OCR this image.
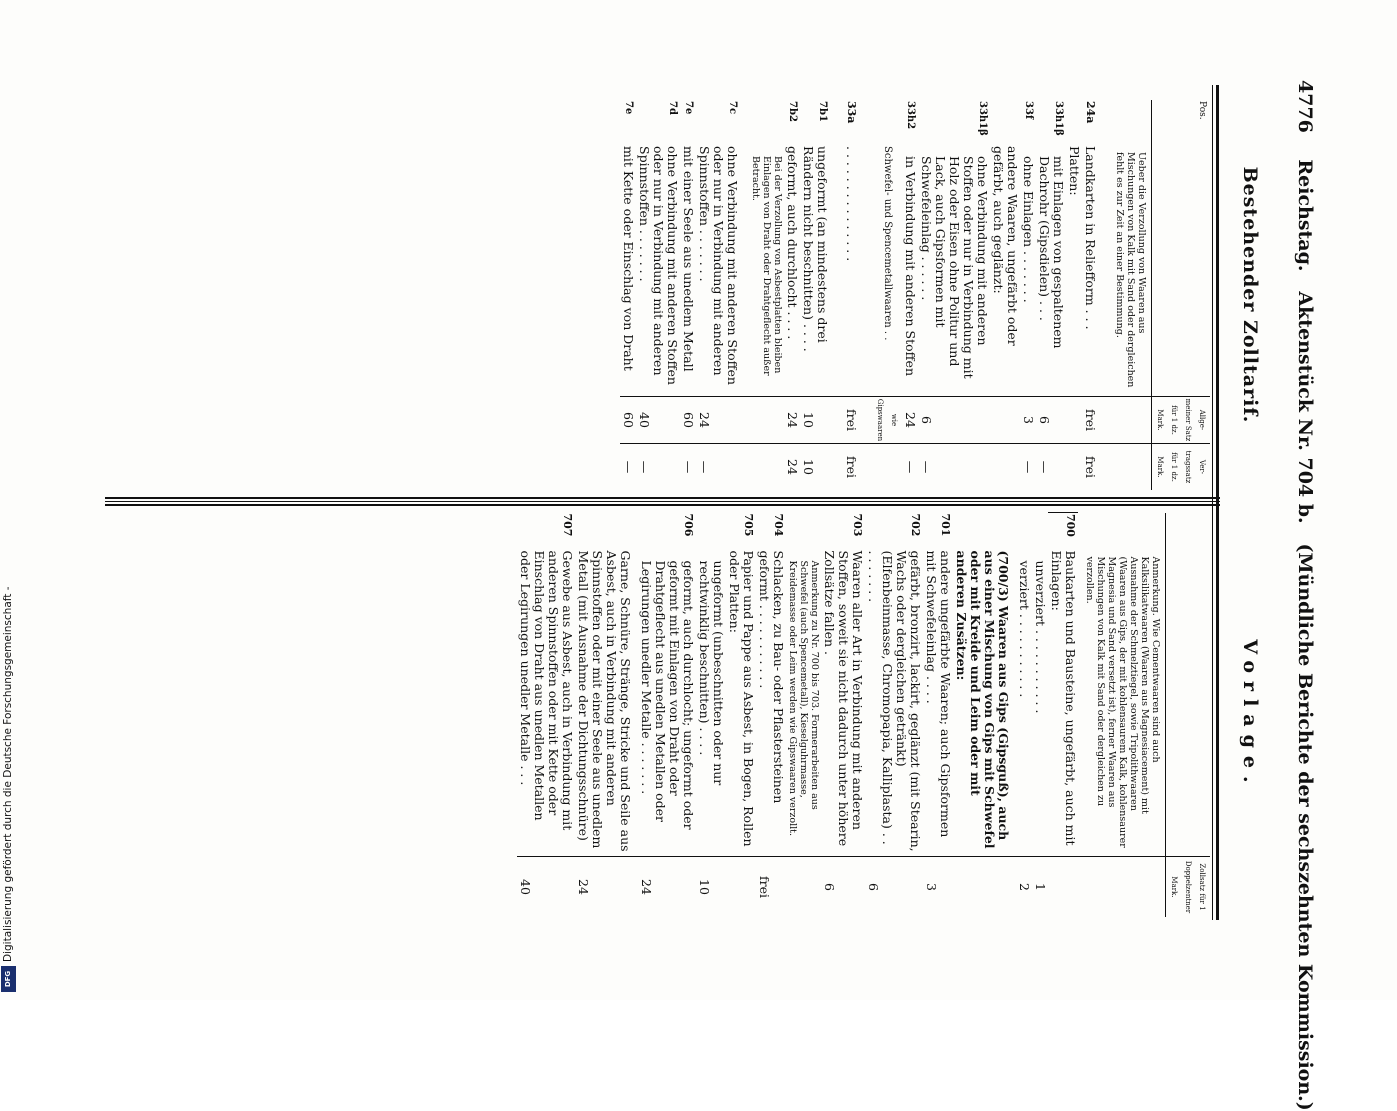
Digitalisierung gefördert durch die Deutsche Forschungsgemeinschaft -
DFG
4776    Reichstag.   Aktenstück Nr. 704 b.   (Mündliche Berichte der sechszehnten Kommission.)
Bestehender Zolltarif.
Vorlage.
Pos.		Allge-meiner Satz für 1 dz. Mark.	Ver-tragssatz für 1 dz. Mark.
	Ueber die Verzollung von Waaren aus Mischungen von Kalk mit Sand oder dergleichen fehlt es zur Zeit an einer Bestimmung.		
24a	Landkarten in Reliefform . . .	frei	frei
	Platten:		
33h1β	mit Einlagen von gespaltenem Dachrohr (Gipsdielen) . . .	6	—
33f	ohne Einlagen . . . . . . .	3	—
	andere Waaren, ungefärbt oder gefärbt, auch geglänzt:		
33h1β	ohne Verbindung mit anderen Stoffen oder nur in Verbindung mit Holz oder Eisen ohne Politur und Lack, auch Gipsformen mit Schwefeleinlag . . . . . .	6	—
33h2	in Verbindung mit anderen Stoffen	24	—
	Schwefel- und Spencemetallwaaren . .	wie Gipswaaren	
33a	. . . . . . . . . . . . . . .	frei	frei
7b1	ungeformt (an mindestens drei Rändern nicht beschnitten) . . . .	10	10
7b2	geformt, auch durchlocht . . . .	24	24
	Bei der Verzollung von Asbestplatten bleiben Einlagen von Draht oder Drahtgeflecht außer Betracht.		
7c	ohne Verbindung mit anderen Stoffen oder nur in Verbindung mit anderen Spinnstoffen . . . . . . .	24	—
7e	mit einer Seele aus unedlem Metall	60	—
7d	ohne Verbindung mit anderen Stoffen oder nur in Verbindung mit anderen Spinnstoffen . . . . . . .	40	—
7e	mit Kette oder Einschlag von Draht	60	—
		Zollsatz für 1 Doppelzentner Mark.
	Anmerkung. Wie Cementwaaren sind auch Kalksilikatwaaren (Waaren aus Magnesiacement) mit Ausnahme der Schmelztiegel, sowie Tripolithwaaren (Waaren aus Gips, der mit kohlensaurem Kalk, kohlensaurer Magnesia und Sand versetzt ist), ferner Waaren aus Mischungen von Kalk mit Sand oder dergleichen zu verzollen.	
700	Baukarten und Bausteine, ungefärbt, auch mit Einlagen:	
	unverziert . . . . . . . . . . .	1
	verziert . . . . . . . . . . .	2
	(700/3) Waaren aus Gips (Gipsguß), auch aus einer Mischung von Gips mit Schwefel oder mit Kreide und Leim oder mit anderen Zusätzen:	
701	andere ungefärbte Waaren; auch Gipsformen mit Schwefeleinlag . . . .	3
702	gefärbt, bronzirt, lackirt, geglänzt (mit Stearin, Wachs oder dergleichen getränkt) (Elfenbeinmasse, Chromopapia, Kalliplasta) . . . . . . . . .	6
703	Waaren aller Art in Verbindung mit anderen Stoffen, soweit sie nicht dadurch unter höhere Zollsätze fallen .	6
	Anmerkung zu Nr. 700 bis 703. Formerarbeiten aus Schwefel (auch Spencemetall), Kieselguhrmasse, Kreidemasse oder Leim werden wie Gipswaaren verzollt.	
704	Schlacken, zu Bau- oder Pflastersteinen geformt . . . . . . . . . . .	frei
705	Papier und Pappe aus Asbest, in Bogen, Rollen oder Platten:	
	ungeformt (unbeschnitten oder nur rechtwinklig beschnitten) . . . .	10
706	geformt, auch durchlocht; ungeformt oder geformt mit Einlagen von Draht oder Drahtgeflecht aus unedlen Metallen oder Legirungen unedler Metalle . . . . . . .	24
	Garne, Schnüre, Stränge, Stricke und Seile aus Asbest, auch in Verbindung mit anderen Spinnstoffen oder mit einer Seele aus unedlem Metall (mit Ausnahme der Dichtungsschnüre)	24
707	Gewebe aus Asbest, auch in Verbindung mit anderen Spinnstoffen oder mit Kette oder Einschlag von Draht aus unedlen Metallen oder Legirungen unedler Metalle . . .	40
